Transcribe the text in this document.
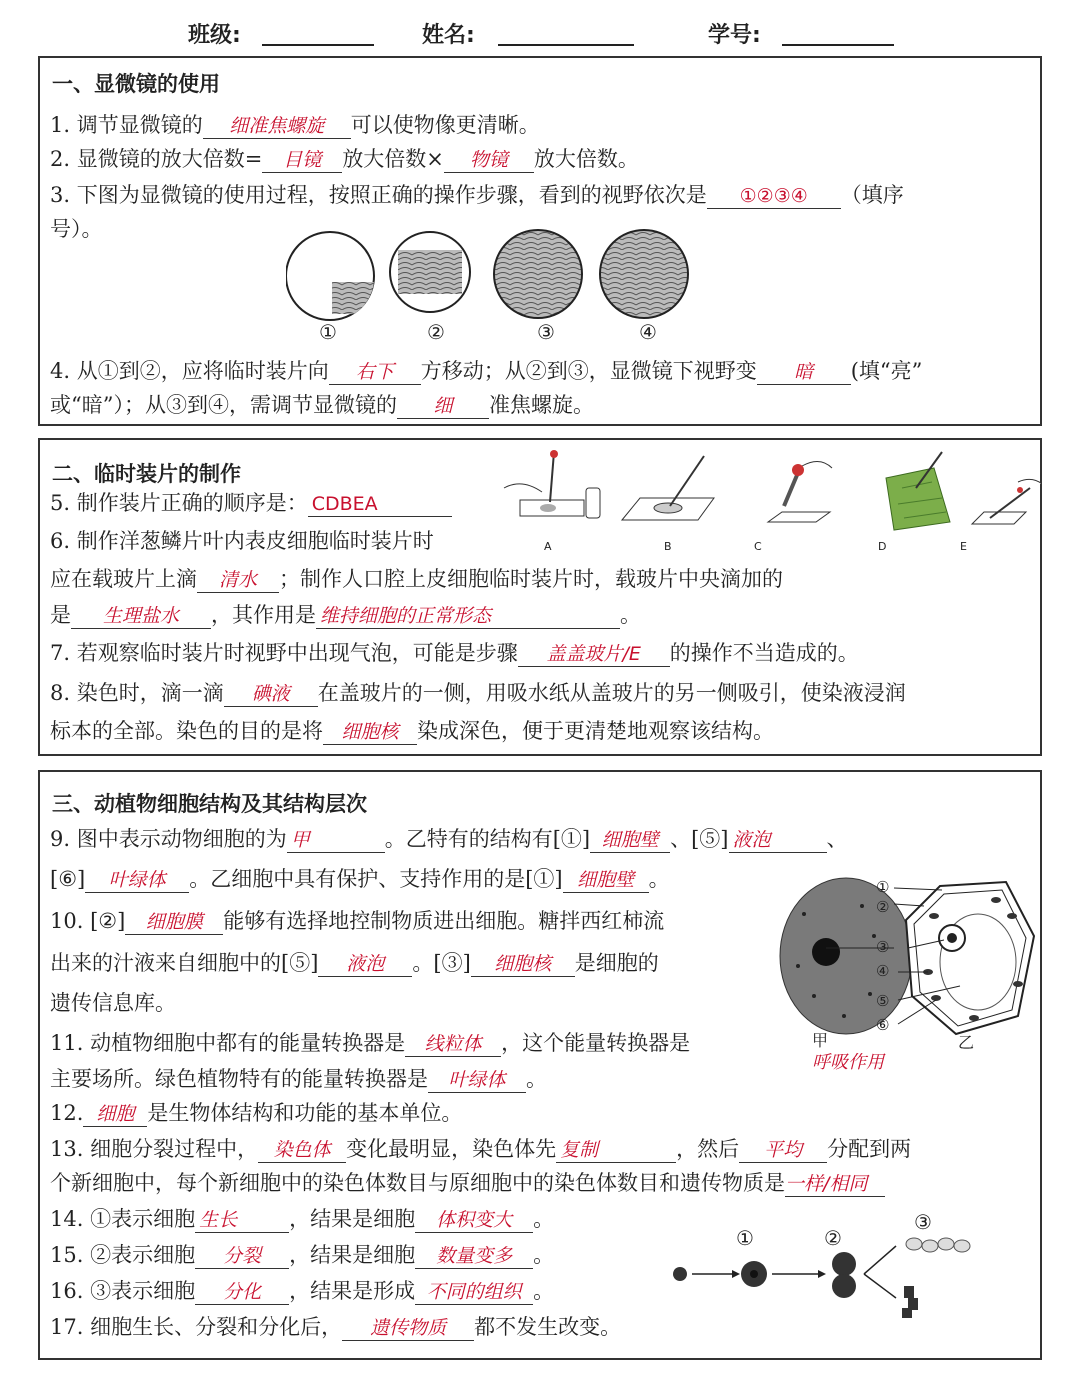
班级:	姓名:	学号:
一、显微镜的使用
1. 调节显微镜的 细准焦螺旋 可以使物像更清晰。
2. 显微镜的放大倍数= 目镜 放大倍数× 物镜 放大倍数。
3. 下图为显微镜的使用过程，按照正确的操作步骤，看到的视野依次是 ①②③④ （填序
号）。
①	②	③	④
4. 从①到②，应将临时装片向 右下 方移动；从②到③，显微镜下视野变 暗 (填“亮”
或“暗”）；从③到④，需调节显微镜的 细 准焦螺旋。
二、临时装片的制作
5. 制作装片正确的顺序是： CDBEA
A	B	C	D	E
6. 制作洋葱鳞片叶内表皮细胞临时装片时
应在载玻片上滴 清水 ；制作人口腔上皮细胞临时装片时，载玻片中央滴加的
是 生理盐水 ，其作用是 维持细胞的正常形态	。
7. 若观察临时装片时视野中出现气泡，可能是步骤 盖盖玻片/E 的操作不当造成的。
8. 染色时，滴一滴 碘液 在盖玻片的一侧，用吸水纸从盖玻片的另一侧吸引，使染液浸润
标本的全部。染色的目的是将 细胞核 染成深色，便于更清楚地观察该结构。
三、动植物细胞结构及其结构层次
9. 图中表示动物细胞的为 甲	。乙特有的结构有[①] 细胞壁 、[⑤] 液泡	、
[⑥] 叶绿体 。乙细胞中具有保护、支持作用的是[①] 细胞壁 。
10. [②] 细胞膜 能够有选择地控制物质进出细胞。糖拌西红柿流
出来的汁液来自细胞中的[⑤] 液泡 。[③] 细胞核 是细胞的
遗传信息库。
11. 动植物细胞中都有的能量转换器是 线粒体 ，这个能量转换器是
主要场所。绿色植物特有的能量转换器是 叶绿体 。
12. 细胞 是生物体结构和功能的基本单位。
13. 细胞分裂过程中， 染色体 变化最明显，染色体先 复制	，然后 平均 分配到两
个新细胞中，每个新细胞中的染色体数目与原细胞中的染色体数目和遗传物质是一样/相同
14. ①表示细胞 生长 ，结果是细胞 体积变大 。
15. ②表示细胞 分裂 ，结果是细胞 数量变多 。
16. ③表示细胞 分化 ，结果是形成 不同的组织 。
17. 细胞生长、分裂和分化后， 遗传物质 都不发生改变。
①
②
③
④
⑤
⑥
甲	乙
呼吸作用
①	②
③
